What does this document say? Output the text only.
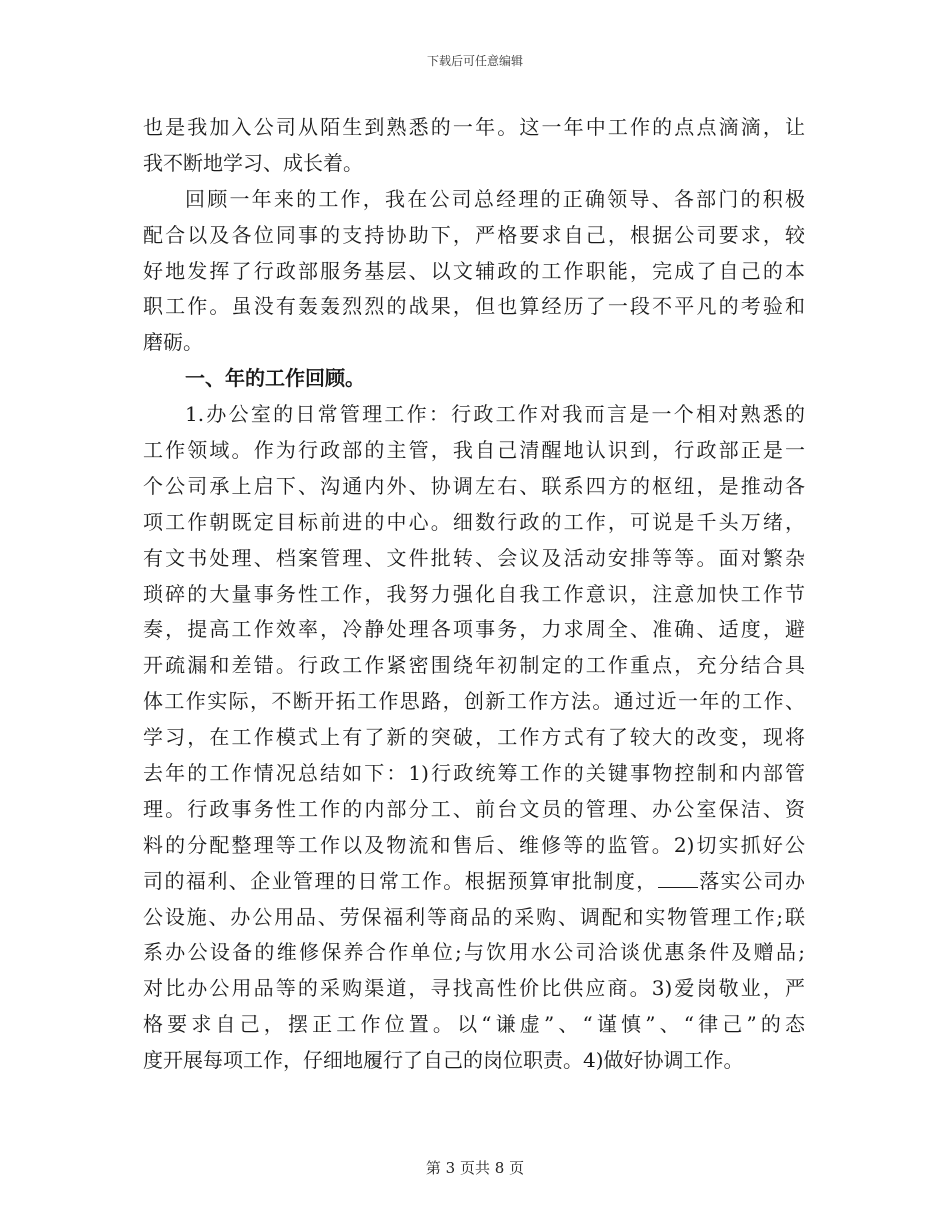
下载后可任意编辑
也是我加入公司从陌生到熟悉的一年。这一年中工作的点点滴滴，让
我不断地学习、成长着。
回顾一年来的工作，我在公司总经理的正确领导、各部门的积极
配合以及各位同事的支持协助下，严格要求自己，根据公司要求，较
好地发挥了行政部服务基层、以文辅政的工作职能，完成了自己的本
职工作。虽没有轰轰烈烈的战果，但也算经历了一段不平凡的考验和
磨砺。
一、年的工作回顾。
1.办公室的日常管理工作：行政工作对我而言是一个相对熟悉的
工作领域。作为行政部的主管，我自己清醒地认识到，行政部正是一
个公司承上启下、沟通内外、协调左右、联系四方的枢纽，是推动各
项工作朝既定目标前进的中心。细数行政的工作，可说是千头万绪，
有文书处理、档案管理、文件批转、会议及活动安排等等。面对繁杂
琐碎的大量事务性工作，我努力强化自我工作意识，注意加快工作节
奏，提高工作效率，冷静处理各项事务，力求周全、准确、适度，避
开疏漏和差错。行政工作紧密围绕年初制定的工作重点，充分结合具
体工作实际，不断开拓工作思路，创新工作方法。通过近一年的工作、
学习，在工作模式上有了新的突破，工作方式有了较大的改变，现将
去年的工作情况总结如下：1)行政统筹工作的关键事物控制和内部管
理。行政事务性工作的内部分工、前台文员的管理、办公室保洁、资
料的分配整理等工作以及物流和售后、维修等的监管。2)切实抓好公
司的福利、企业管理的日常工作。根据预算审批制度， 落实公司办
公设施、办公用品、劳保福利等商品的采购、调配和实物管理工作;联
系办公设备的维修保养合作单位;与饮用水公司洽谈优惠条件及赠品;
对比办公用品等的采购渠道，寻找高性价比供应商。3)爱岗敬业，严
格要求自己，摆正工作位置。以“谦虚”、“谨慎”、“律己”的态
度开展每项工作，仔细地履行了自己的岗位职责。4)做好协调工作。
第 3 页共 8 页
